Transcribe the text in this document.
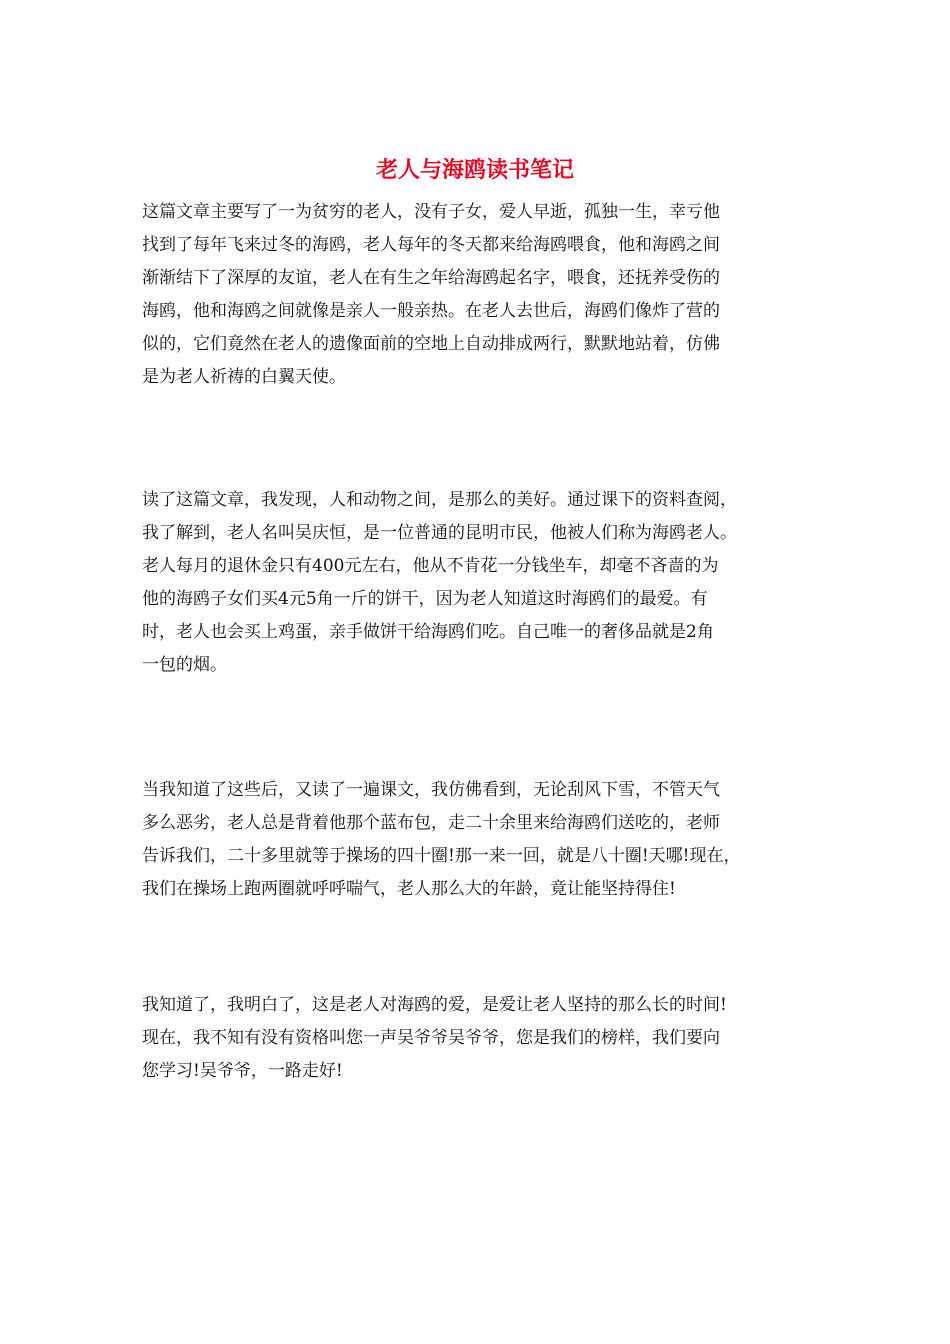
老人与海鸥读书笔记

这篇文章主要写了一为贫穷的老人，没有子女，爱人早逝，孤独一生，幸亏他
找到了每年飞来过冬的海鸥，老人每年的冬天都来给海鸥喂食，他和海鸥之间
渐渐结下了深厚的友谊，老人在有生之年给海鸥起名字，喂食，还抚养受伤的
海鸥，他和海鸥之间就像是亲人一般亲热。在老人去世后，海鸥们像炸了营的
似的，它们竟然在老人的遗像面前的空地上自动排成两行，默默地站着，仿佛
是为老人祈祷的白翼天使。

读了这篇文章，我发现，人和动物之间，是那么的美好。通过课下的资料查阅，
我了解到，老人名叫吴庆恒，是一位普通的昆明市民，他被人们称为海鸥老人。
老人每月的退休金只有400元左右，他从不肯花一分钱坐车，却毫不吝啬的为
他的海鸥子女们买4元5角一斤的饼干，因为老人知道这时海鸥们的最爱。有
时，老人也会买上鸡蛋，亲手做饼干给海鸥们吃。自己唯一的奢侈品就是2角
一包的烟。

当我知道了这些后，又读了一遍课文，我仿佛看到，无论刮风下雪，不管天气
多么恶劣，老人总是背着他那个蓝布包，走二十余里来给海鸥们送吃的，老师
告诉我们，二十多里就等于操场的四十圈!那一来一回，就是八十圈!天哪!现在，
我们在操场上跑两圈就呼呼喘气，老人那么大的年龄，竟让能坚持得住!

我知道了，我明白了，这是老人对海鸥的爱，是爱让老人坚持的那么长的时间!
现在，我不知有没有资格叫您一声吴爷爷吴爷爷，您是我们的榜样，我们要向
您学习!吴爷爷，一路走好!
